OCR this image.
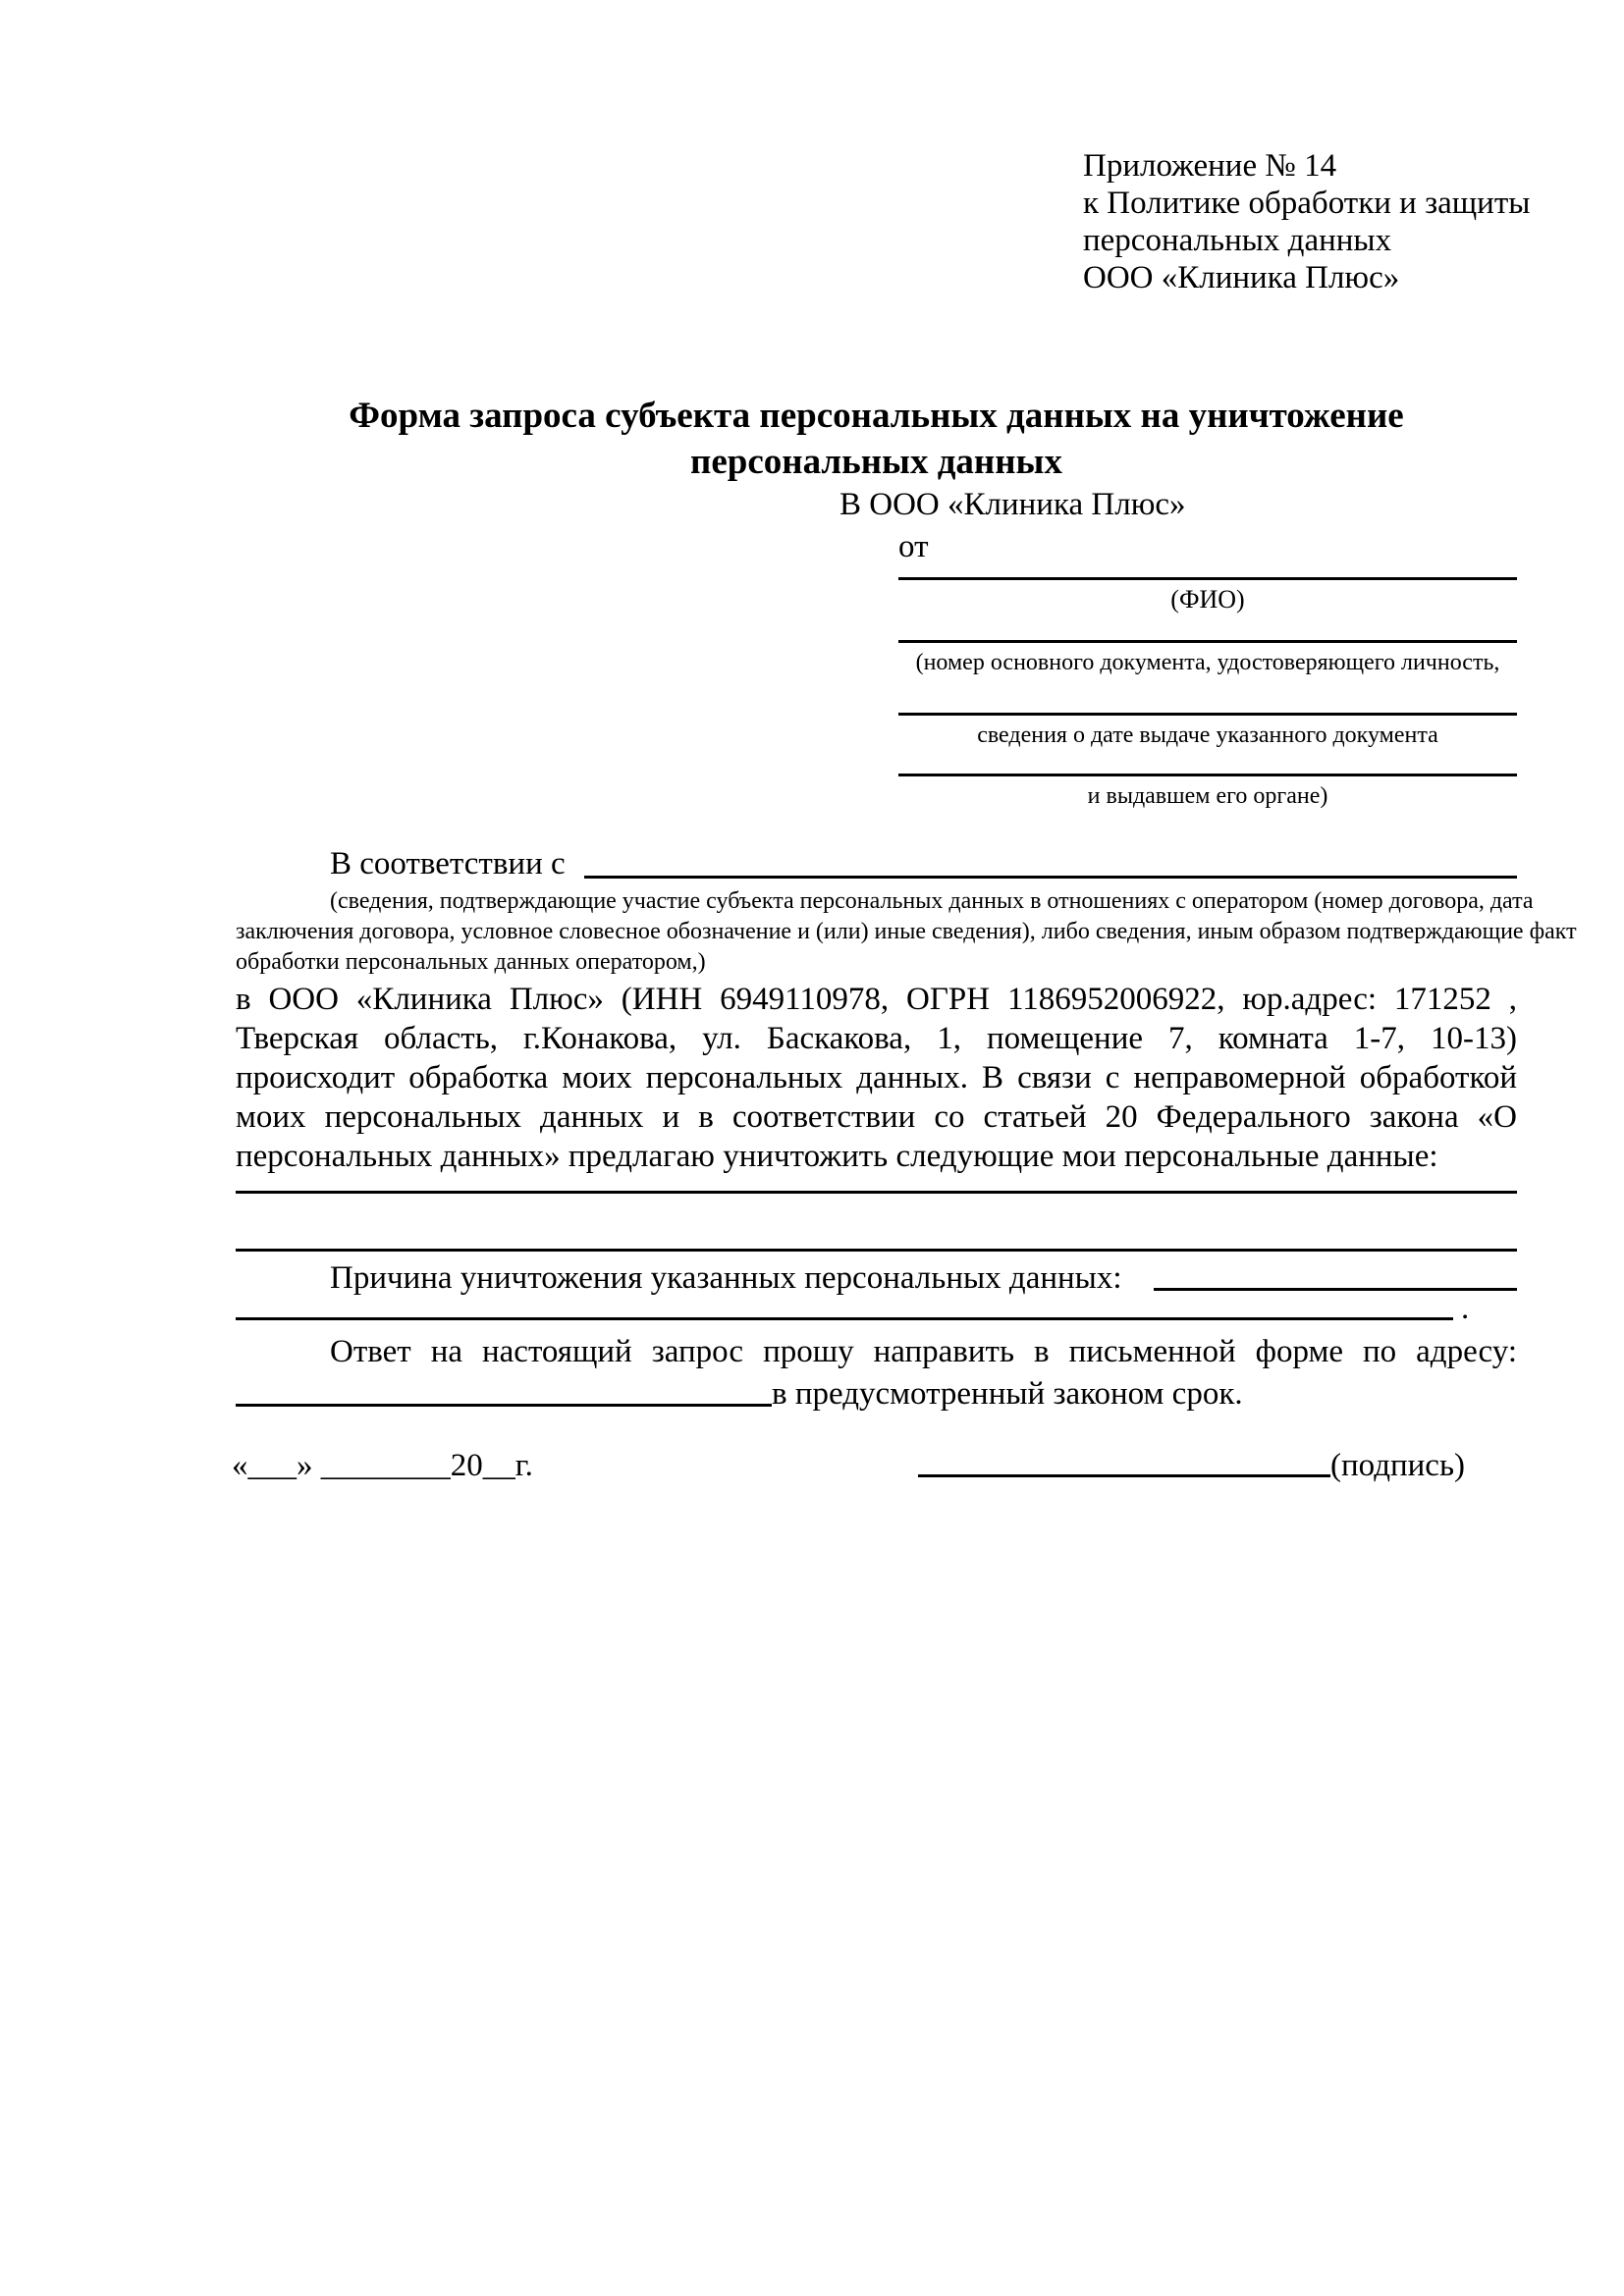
Приложение № 14
к Политике обработки и защиты
персональных данных
ООО «Клиника Плюс»
Форма запроса субъекта персональных данных на уничтожение
персональных данных
В ООО «Клиника Плюс»
от
(ФИО)
(номер основного документа, удостоверяющего личность,
сведения о дате выдаче указанного документа
и выдавшем его органе)
В соответствии с
(сведения, подтверждающие участие субъекта персональных данных в отношениях с оператором (номер договора, дата
заключения договора, условное словесное обозначение и (или) иные сведения), либо сведения, иным образом подтверждающие факт
обработки персональных данных оператором,)
в ООО «Клиника Плюс» (ИНН 6949110978, ОГРН 1186952006922, юр.адрес: 171252 ,
Тверская область, г.Конакова, ул. Баскакова, 1, помещение 7, комната 1-7, 10-13)
происходит обработка моих персональных данных. В связи с неправомерной обработкой
моих персональных данных и в соответствии со статьей 20 Федерального закона «О
персональных данных» предлагаю уничтожить следующие мои персональные данные:
Причина уничтожения указанных персональных данных:
.
Ответ на настоящий запрос прошу направить в письменной форме по адресу:
в предусмотренный законом срок.
«___» ________20__г.	(подпись)
